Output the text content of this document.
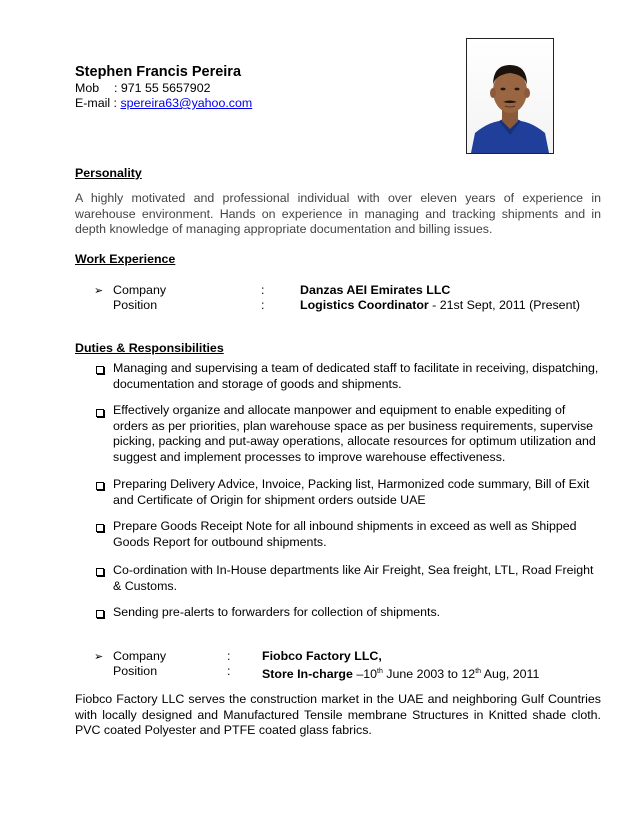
Stephen Francis Pereira
Mob : 971 55 5657902
E-mail : spereira63@yahoo.com
Personality
A highly motivated and professional individual with over eleven years of experience in warehouse environment. Hands on experience in managing and tracking shipments and in depth knowledge of managing appropriate documentation and billing issues.
Work Experience
➢ Company	:	Danzas AEI Emirates LLC
Position	:	Logistics Coordinator - 21st Sept, 2011 (Present)
Duties & Responsibilities
Managing and supervising a team of dedicated staff to facilitate in receiving, dispatching, documentation and storage of goods and shipments.
Effectively organize and allocate manpower and equipment to enable expediting of orders as per priorities, plan warehouse space as per business requirements, supervise picking, packing and put-away operations, allocate resources for optimum utilization and suggest and implement processes to improve warehouse effectiveness.
Preparing Delivery Advice, Invoice, Packing list, Harmonized code summary, Bill of Exit and Certificate of Origin for shipment orders outside UAE
Prepare Goods Receipt Note for all inbound shipments in exceed as well as Shipped Goods Report for outbound shipments.
Co-ordination with In-House departments like Air Freight, Sea freight, LTL, Road Freight & Customs.
Sending pre-alerts to forwarders for collection of shipments.
➢ Company	:	Fiobco Factory LLC,
Position	:	Store In-charge –10th June 2003 to 12th Aug, 2011
Fiobco Factory LLC serves the construction market in the UAE and neighboring Gulf Countries with locally designed and Manufactured Tensile membrane Structures in Knitted shade cloth. PVC coated Polyester and PTFE coated glass fabrics.
